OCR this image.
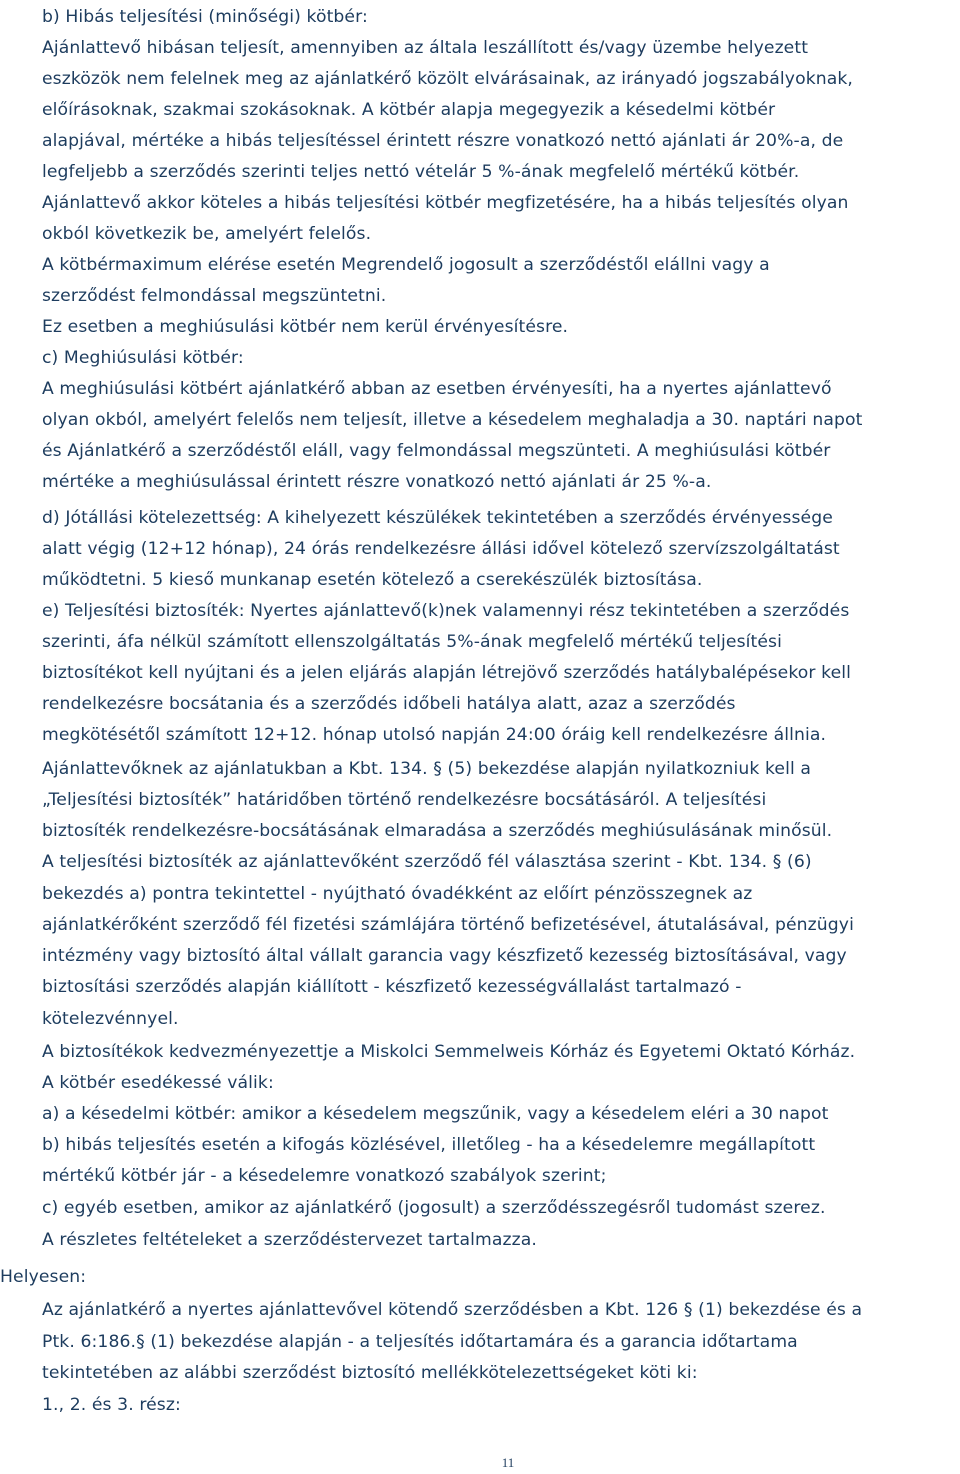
b) Hibás teljesítési (minőségi) kötbér:
Ajánlattevő hibásan teljesít, amennyiben az általa leszállított és/vagy üzembe helyezett
eszközök nem felelnek meg az ajánlatkérő közölt elvárásainak, az irányadó jogszabályoknak,
előírásoknak, szakmai szokásoknak. A kötbér alapja megegyezik a késedelmi kötbér
alapjával, mértéke a hibás teljesítéssel érintett részre vonatkozó nettó ajánlati ár 20%-a, de
legfeljebb a szerződés szerinti teljes nettó vételár 5 %-ának megfelelő mértékű kötbér.
Ajánlattevő akkor köteles a hibás teljesítési kötbér megfizetésére, ha a hibás teljesítés olyan
okból következik be, amelyért felelős.
A kötbérmaximum elérése esetén Megrendelő jogosult a szerződéstől elállni vagy a
szerződést felmondással megszüntetni.
Ez esetben a meghiúsulási kötbér nem kerül érvényesítésre.
c) Meghiúsulási kötbér:
A meghiúsulási kötbért ajánlatkérő abban az esetben érvényesíti, ha a nyertes ajánlattevő
olyan okból, amelyért felelős nem teljesít, illetve a késedelem meghaladja a 30. naptári napot
és Ajánlatkérő a szerződéstől eláll, vagy felmondással megszünteti. A meghiúsulási kötbér
mértéke a meghiúsulással érintett részre vonatkozó nettó ajánlati ár 25 %-a.
d) Jótállási kötelezettség: A kihelyezett készülékek tekintetében a szerződés érvényessége
alatt végig (12+12 hónap), 24 órás rendelkezésre állási idővel kötelező szervízszolgáltatást
működtetni. 5 kieső munkanap esetén kötelező a cserekészülék biztosítása.
e) Teljesítési biztosíték: Nyertes ajánlattevő(k)nek valamennyi rész tekintetében a szerződés
szerinti, áfa nélkül számított ellenszolgáltatás 5%-ának megfelelő mértékű teljesítési
biztosítékot kell nyújtani és a jelen eljárás alapján létrejövő szerződés hatálybalépésekor kell
rendelkezésre bocsátania és a szerződés időbeli hatálya alatt, azaz a szerződés
megkötésétől számított 12+12. hónap utolsó napján 24:00 óráig kell rendelkezésre állnia.
Ajánlattevőknek az ajánlatukban a Kbt. 134. § (5) bekezdése alapján nyilatkozniuk kell a
„Teljesítési biztosíték” határidőben történő rendelkezésre bocsátásáról. A teljesítési
biztosíték rendelkezésre-bocsátásának elmaradása a szerződés meghiúsulásának minősül.
A teljesítési biztosíték az ajánlattevőként szerződő fél választása szerint - Kbt. 134. § (6)
bekezdés a) pontra tekintettel - nyújtható óvadékként az előírt pénzösszegnek az
ajánlatkérőként szerződő fél fizetési számlájára történő befizetésével, átutalásával, pénzügyi
intézmény vagy biztosító által vállalt garancia vagy készfizető kezesség biztosításával, vagy
biztosítási szerződés alapján kiállított - készfizető kezességvállalást tartalmazó -
kötelezvénnyel.
A biztosítékok kedvezményezettje a Miskolci Semmelweis Kórház és Egyetemi Oktató Kórház.
A kötbér esedékessé válik:
a) a késedelmi kötbér: amikor a késedelem megszűnik, vagy a késedelem eléri a 30 napot
b) hibás teljesítés esetén a kifogás közlésével, illetőleg - ha a késedelemre megállapított
mértékű kötbér jár - a késedelemre vonatkozó szabályok szerint;
c) egyéb esetben, amikor az ajánlatkérő (jogosult) a szerződésszegésről tudomást szerez.
A részletes feltételeket a szerződéstervezet tartalmazza.
Helyesen:
Az ajánlatkérő a nyertes ajánlattevővel kötendő szerződésben a Kbt. 126 § (1) bekezdése és a
Ptk. 6:186.§ (1) bekezdése alapján - a teljesítés időtartamára és a garancia időtartama
tekintetében az alábbi szerződést biztosító mellékkötelezettségeket köti ki:
1., 2. és 3. rész:
11
